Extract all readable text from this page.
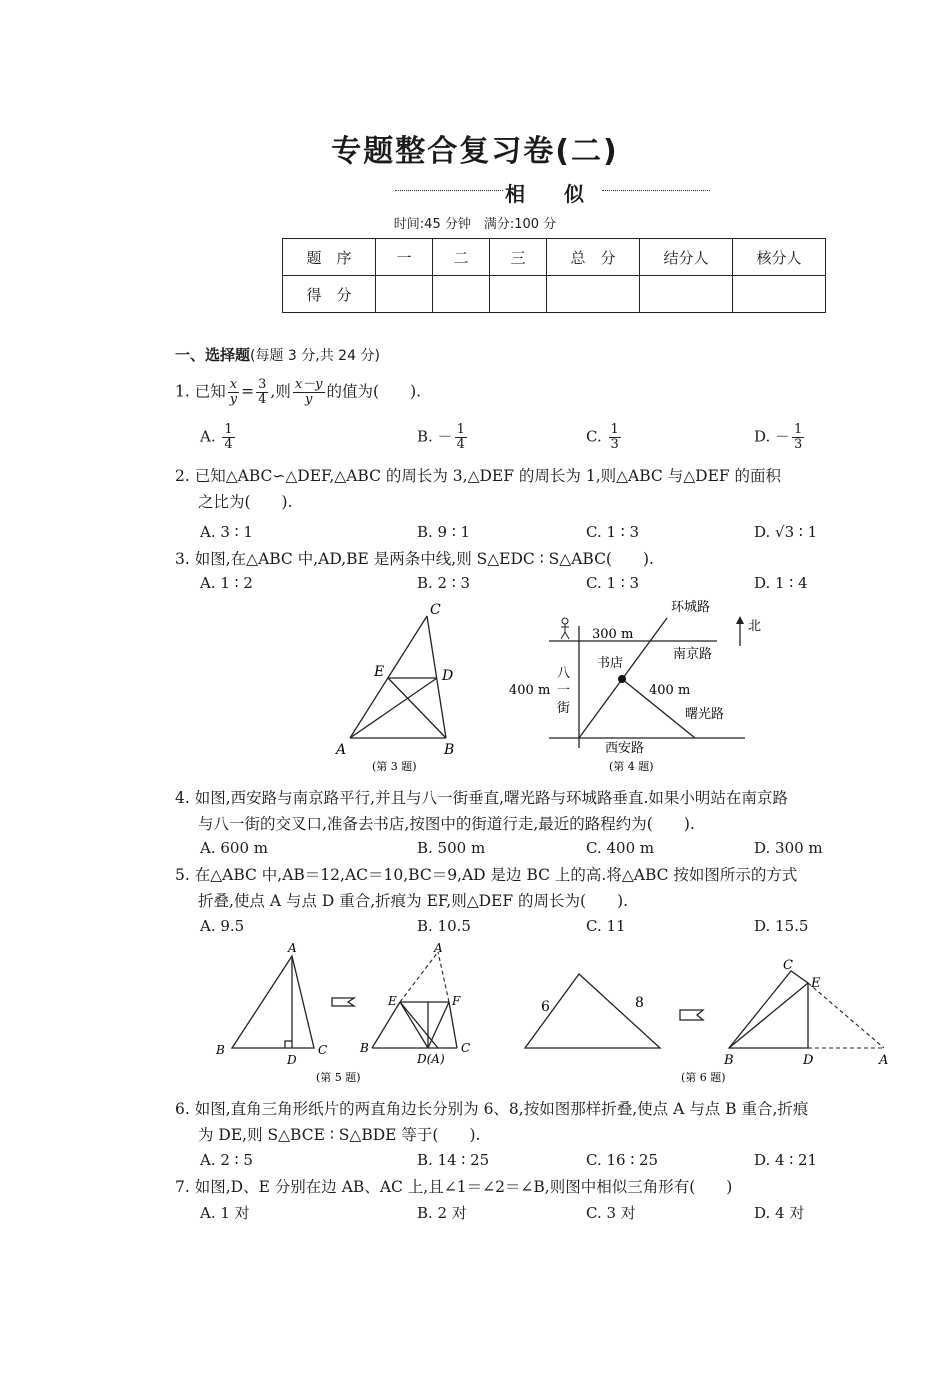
专题整合复习卷(二)
相 似
时间:45 分钟　满分:100 分
题　序	一	二	三	总　分	结分人	核分人
得　分						
一、选择题(每题 3 分,共 24 分)
1. 已知 $\frac{x}{y} = \frac{3}{4}$ ,则 $\frac{x-y}{y}$ 的值为(　　).
A. $\frac{1}{4}$	B. － $\frac{1}{4}$	C. $\frac{1}{3}$	D. － $\frac{1}{3}$
2. 已知△ABC∽△DEF,△ABC 的周长为 3,△DEF 的周长为 1,则△ABC 与△DEF 的面积
之比为(　　).
A. 3 ∶ 1	B. 9 ∶ 1	C. 1 ∶ 3	D. √3 ∶ 1
3. 如图,在△ABC 中,AD,BE 是两条中线,则 S△EDC ∶ S△ABC(　　).
A. 1 ∶ 2	B. 2 ∶ 3	C. 1 ∶ 3	D. 1 ∶ 4
A	B
C
D
E
(第 3 题)
环城路
北
300 m
南京路
书店
八
一
街
400 m	400 m
曙光路
西安路
(第 4 题)
4. 如图,西安路与南京路平行,并且与八一街垂直,曙光路与环城路垂直.如果小明站在南京路
与八一街的交叉口,准备去书店,按图中的街道行走,最近的路程约为(　　).
A. 600 m	B. 500 m	C. 400 m	D. 300 m
5. 在△ABC 中,AB＝12,AC＝10,BC＝9,AD 是边 BC 上的高.将△ABC 按如图所示的方式
折叠,使点 A 与点 D 重合,折痕为 EF,则△DEF 的周长为(　　).
A. 9.5	B. 10.5	C. 11	D. 15.5
A
B	C
D
A
E	F
B	C
D(A)
(第 5 题)
6	8
C
E
B	D	A
(第 6 题)
6. 如图,直角三角形纸片的两直角边长分别为 6、8,按如图那样折叠,使点 A 与点 B 重合,折痕
为 DE,则 S△BCE ∶ S△BDE 等于(　　).
A. 2 ∶ 5	B. 14 ∶ 25	C. 16 ∶ 25	D. 4 ∶ 21
7. 如图,D、E 分别在边 AB、AC 上,且∠1＝∠2＝∠B,则图中相似三角形有(　　)
A. 1 对	B. 2 对	C. 3 对	D. 4 对
